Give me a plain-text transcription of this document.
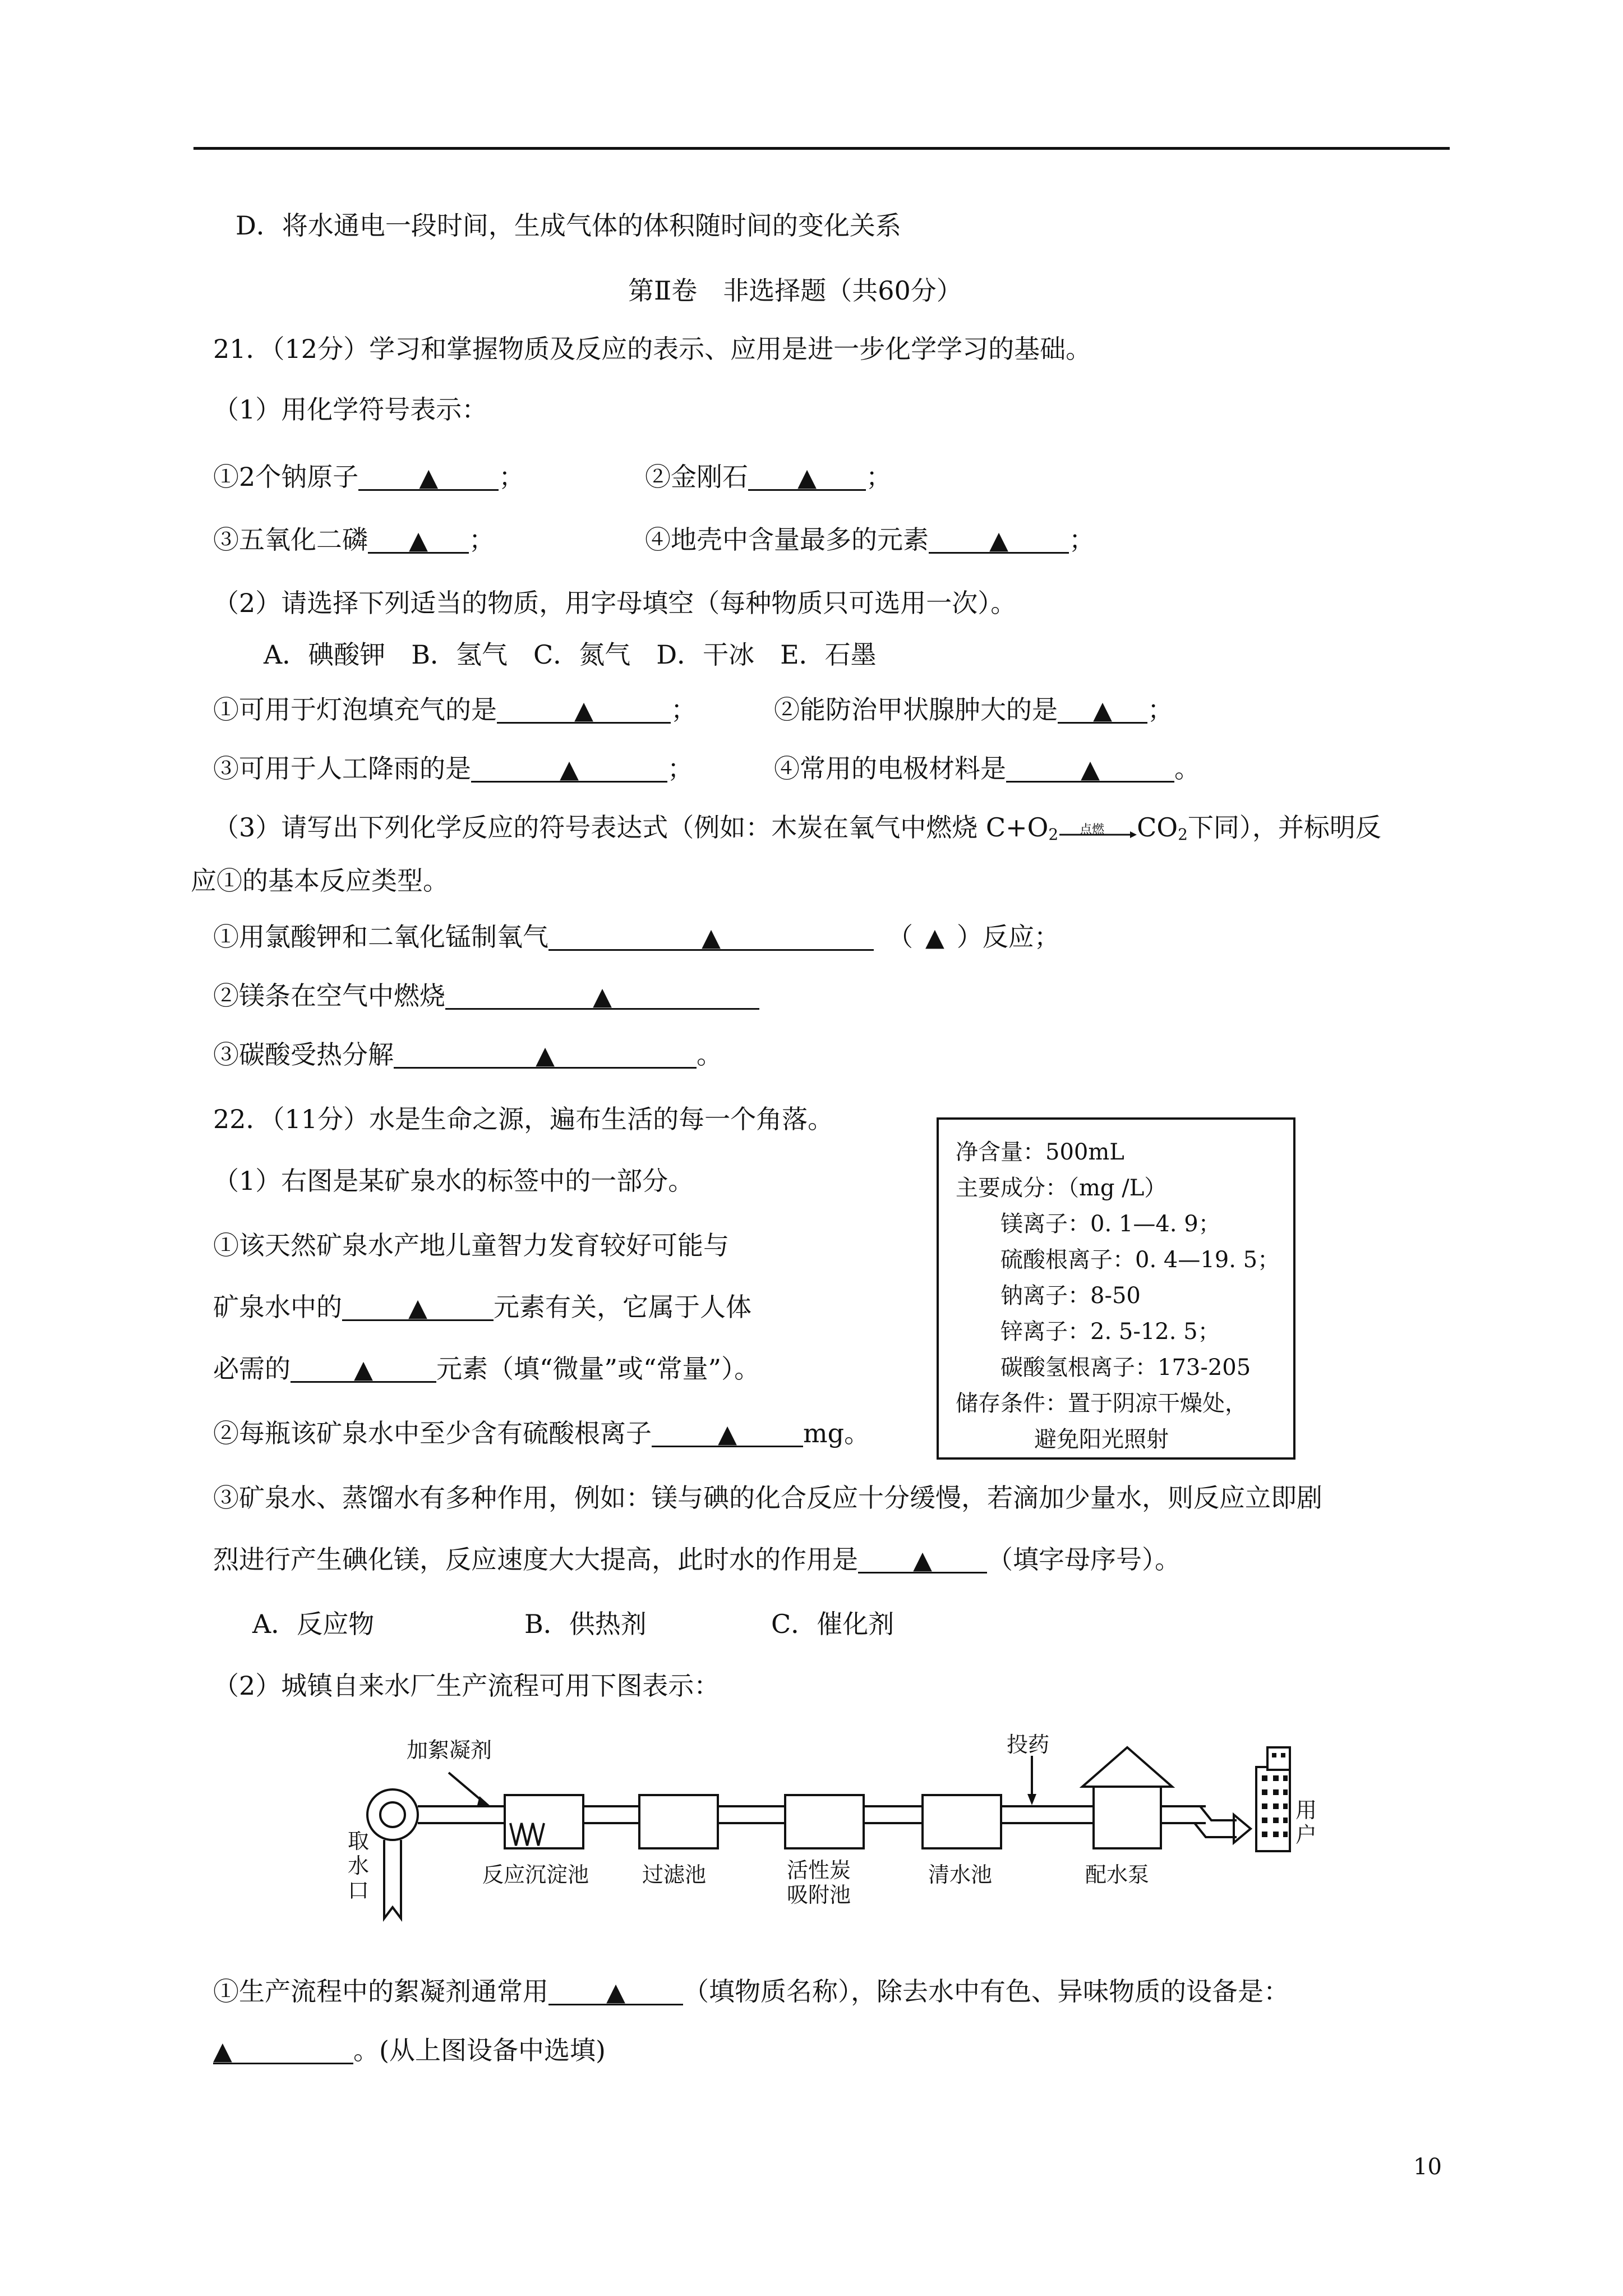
D．将水通电一段时间，生成气体的体积随时间的变化关系
第Ⅱ卷　非选择题（共60分）
21．（12分）学习和掌握物质及反应的表示、应用是进一步化学学习的基础。
（1）用化学符号表示：
①2个钠原子 ▲ ；	②金刚石 ▲ ；
③五氧化二磷 ▲ ；	④地壳中含量最多的元素 ▲ ；
（2）请选择下列适当的物质，用字母填空（每种物质只可选用一次）。
A．碘酸钾　B．氢气　C．氮气　D．干冰　E．石墨
①可用于灯泡填充气的是	▲	；	②能防治甲状腺肿大的是 ▲ ；
③可用于人工降雨的是	▲	；	④常用的电极材料是	▲	。
（3）请写出下列化学反应的符号表达式（例如：木炭在氧气中燃烧 $C+O_2$ 点燃 $CO_2$下同），并标明反
应①的基本反应类型。
①用氯酸钾和二氧化锰制氧气	▲	（ ▲ ）反应；
②镁条在空气中燃烧	▲
③碳酸受热分解	▲	。
22．（11分）水是生命之源，遍布生活的每一个角落。
（1）右图是某矿泉水的标签中的一部分。
①该天然矿泉水产地儿童智力发育较好可能与
矿泉水中的	▲	元素有关，它属于人体
必需的	▲ 元素（填“微量”或“常量”）。
②每瓶该矿泉水中至少含有硫酸根离子	▲	mg。
净含量：500mL
主要成分：（mg /L）
镁离子：0. 1—4. 9；
硫酸根离子：0. 4—19. 5；
钠离子：8-50
锌离子：2. 5-12. 5；
碳酸氢根离子：173-205
储存条件：置于阴凉干燥处，
避免阳光照射
③矿泉水、蒸馏水有多种作用，例如：镁与碘的化合反应十分缓慢，若滴加少量水，则反应立即剧
烈进行产生碘化镁，反应速度大大提高，此时水的作用是 ▲ （填字母序号）。
A．反应物	B．供热剂	C．催化剂
（2）城镇自来水厂生产流程可用下图表示：
加絮凝剂
取水口
投药
反应沉淀池 过滤池	活性炭吸附池
清水池	配水泵
用户
①生产流程中的絮凝剂通常用 ▲ （填物质名称），除去水中有色、异味物质的设备是：
▲	。(从上图设备中选填)
10
